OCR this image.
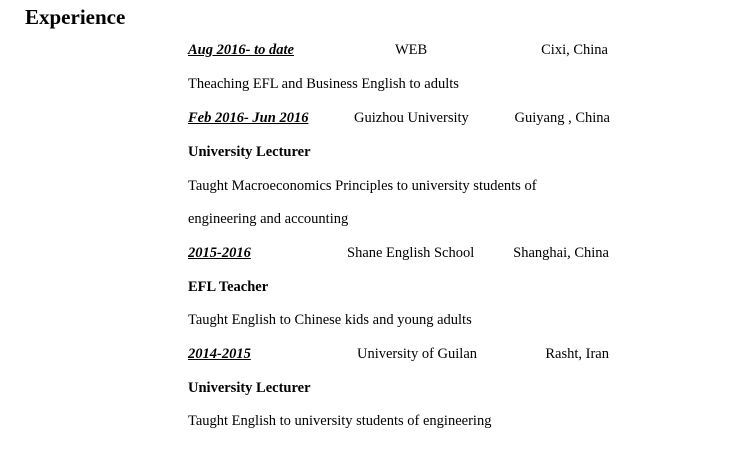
Experience
Aug 2016- to date	WEB	Cixi, China
Theaching EFL and Business English to adults
Feb 2016- Jun 2016	Guizhou University	Guiyang , China
University Lecturer
Taught Macroeconomics Principles to university students of
engineering and accounting
2015-2016	Shane English School	Shanghai, China
EFL Teacher
Taught English to Chinese kids and young adults
2014-2015	University of Guilan	Rasht, Iran
University Lecturer
Taught English to university students of engineering
